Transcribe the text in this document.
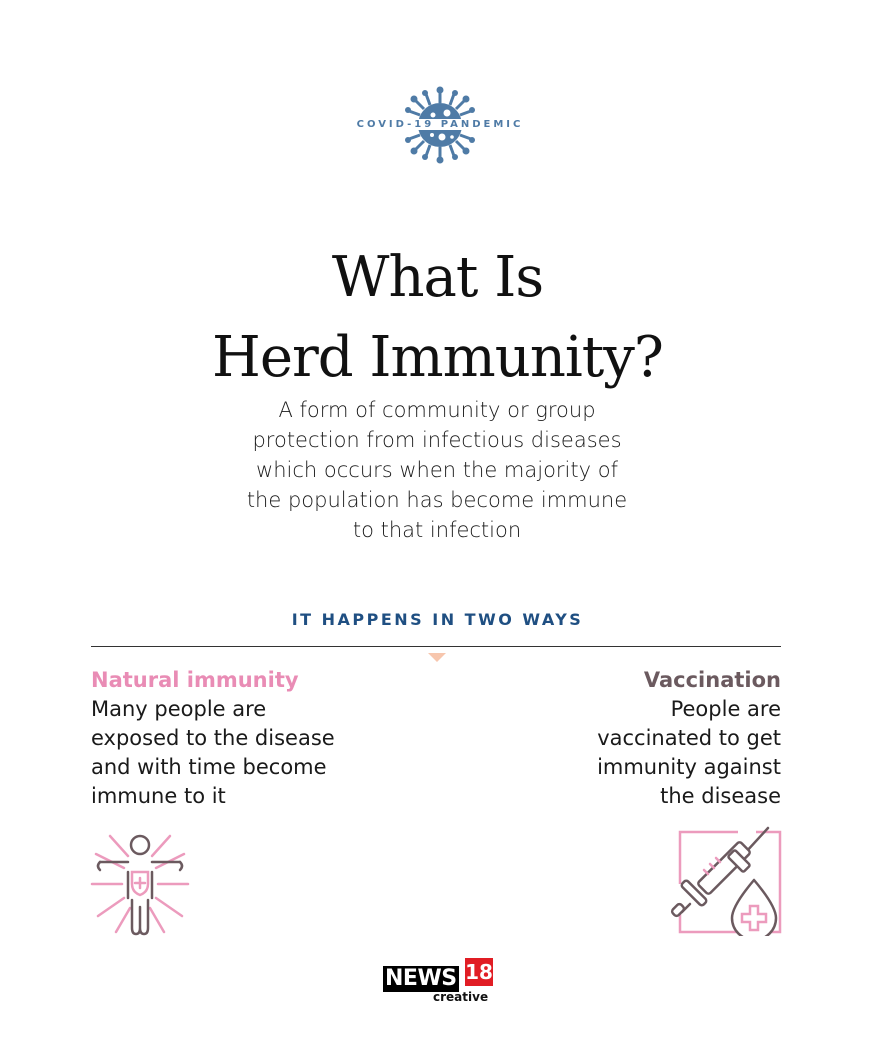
COVID-19 PANDEMIC
What Is
Herd Immunity?
A form of community or group
protection from infectious diseases
which occurs when the majority of
the population has become immune
to that infection
IT HAPPENS IN TWO WAYS
Natural immunity
Many people are
exposed to the disease
and with time become
immune to it
Vaccination
People are
vaccinated to get
immunity against
the disease
NEWS 18
creative
